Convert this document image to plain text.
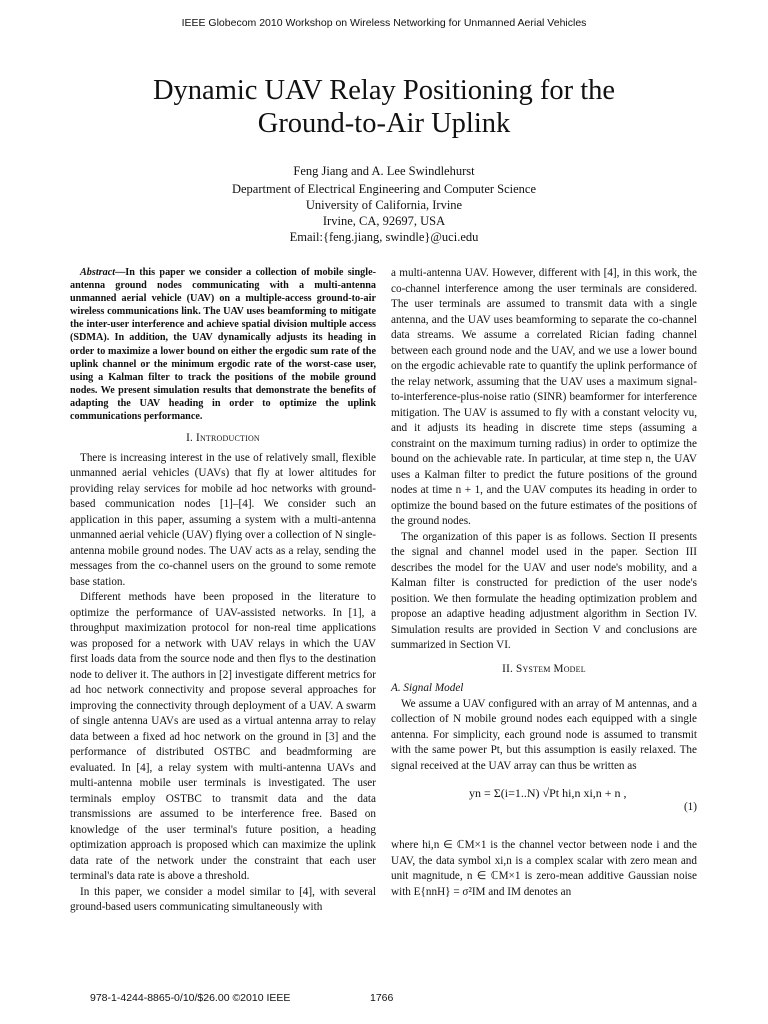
IEEE Globecom 2010 Workshop on Wireless Networking for Unmanned Aerial Vehicles
Dynamic UAV Relay Positioning for the
Ground-to-Air Uplink
Feng Jiang and A. Lee Swindlehurst
Department of Electrical Engineering and Computer Science
University of California, Irvine
Irvine, CA, 92697, USA
Email:{feng.jiang, swindle}@uci.edu
Abstract—In this paper we consider a collection of mobile single-antenna ground nodes communicating with a multi-antenna unmanned aerial vehicle (UAV) on a multiple-access ground-to-air wireless communications link. The UAV uses beamforming to mitigate the inter-user interference and achieve spatial division multiple access (SDMA). In addition, the UAV dynamically adjusts its heading in order to maximize a lower bound on either the ergodic sum rate of the uplink channel or the minimum ergodic rate of the worst-case user, using a Kalman filter to track the positions of the mobile ground nodes. We present simulation results that demonstrate the benefits of adapting the UAV heading in order to optimize the uplink communications performance.
I. Introduction

There is increasing interest in the use of relatively small, flexible unmanned aerial vehicles (UAVs) that fly at lower altitudes for providing relay services for mobile ad hoc networks with ground-based communication nodes [1]–[4]. We consider such an application in this paper, assuming a system with a multi-antenna unmanned aerial vehicle (UAV) flying over a collection of N single-antenna mobile ground nodes. The UAV acts as a relay, sending the messages from the co-channel users on the ground to some remote base station.

Different methods have been proposed in the literature to optimize the performance of UAV-assisted networks. In [1], a throughput maximization protocol for non-real time applications was proposed for a network with UAV relays in which the UAV first loads data from the source node and then flys to the destination node to deliver it. The authors in [2] investigate different metrics for ad hoc network connectivity and propose several approaches for improving the connectivity through deployment of a UAV. A swarm of single antenna UAVs are used as a virtual antenna array to relay data between a fixed ad hoc network on the ground in [3] and the performance of distributed OSTBC and beadmforming are evaluated. In [4], a relay system with multi-antenna UAVs and multi-antenna mobile user terminals is investigated. The user terminals employ OSTBC to transmit data and the data transmissions are assumed to be interference free. Based on knowledge of the user terminal's future position, a heading optimization approach is proposed which can maximize the uplink data rate of the network under the constraint that each user terminal's data rate is above a threshold.

In this paper, we consider a model similar to [4], with several ground-based users communicating simultaneously with

a multi-antenna UAV. However, different with [4], in this work, the co-channel interference among the user terminals are considered. The user terminals are assumed to transmit data with a single antenna, and the UAV uses beamforming to separate the co-channel data streams. We assume a correlated Rician fading channel between each ground node and the UAV, and we use a lower bound on the ergodic achievable rate to quantify the uplink performance of the relay network, assuming that the UAV uses a maximum signal-to-interference-plus-noise ratio (SINR) beamformer for interference mitigation. The UAV is assumed to fly with a constant velocity vu, and it adjusts its heading in discrete time steps (assuming a constraint on the maximum turning radius) in order to optimize the bound on the achievable rate. In particular, at time step n, the UAV uses a Kalman filter to predict the future positions of the ground nodes at time n + 1, and the UAV computes its heading in order to optimize the bound based on the future estimates of the positions of the ground nodes.

The organization of this paper is as follows. Section II presents the signal and channel model used in the paper. Section III describes the model for the UAV and user node's mobility, and a Kalman filter is constructed for prediction of the user node's position. We then formulate the heading optimization problem and propose an adaptive heading adjustment algorithm in Section IV. Simulation results are provided in Section V and conclusions are summarized in Section VI.

II. System Model
A. Signal Model

We assume a UAV configured with an array of M antennas, and a collection of N mobile ground nodes each equipped with a single antenna. For simplicity, each ground node is assumed to transmit with the same power Pt, but this assumption is easily relaxed. The signal received at the UAV array can thus be written as

yn = Σ(i=1..N) √Pt hi,n xi,n + n ,
(1)

where hi,n ∈ ℂM×1 is the channel vector between node i and the UAV, the data symbol xi,n is a complex scalar with zero mean and unit magnitude, n ∈ ℂM×1 is zero-mean additive Gaussian noise with E{nnH} = σ²IM and IM denotes an

978-1-4244-8865-0/10/$26.00 ©2010 IEEE	1766
